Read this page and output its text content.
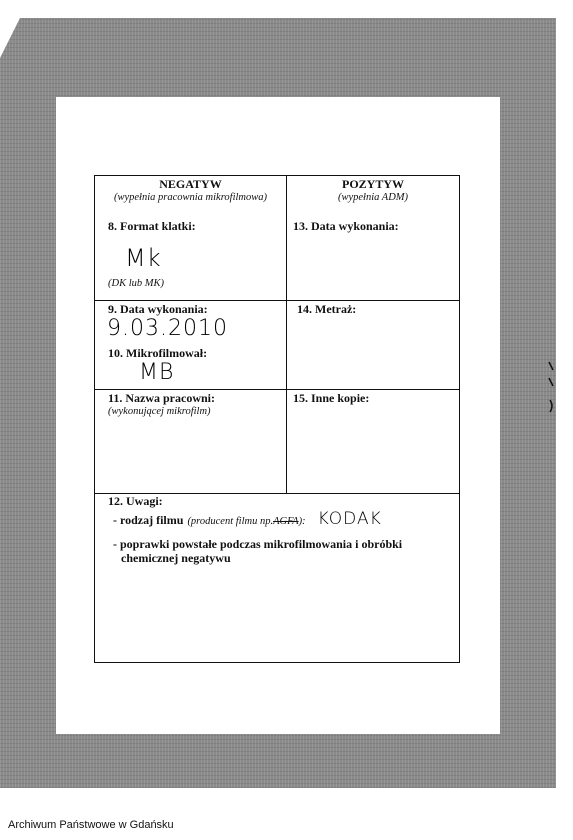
NEGATYW
(wypełnia pracownia mikrofilmowa)
POZYTYW
(wypełnia ADM)
8. Format klatki:
Mk
(DK lub MK)
13. Data wykonania:
9. Data wykonania:
9.03.2010
10. Mikrofilmował:
MB
14. Metraż:
11. Nazwa pracowni:
(wykonującej mikrofilm)
15. Inne kopie:
12. Uwagi:
- rodzaj filmu (producent filmu np.AGFA): KODAK
- poprawki powstałe podczas mikrofilmowania i obróbki
chemicznej negatywu
Archiwum Państwowe w Gdańsku
